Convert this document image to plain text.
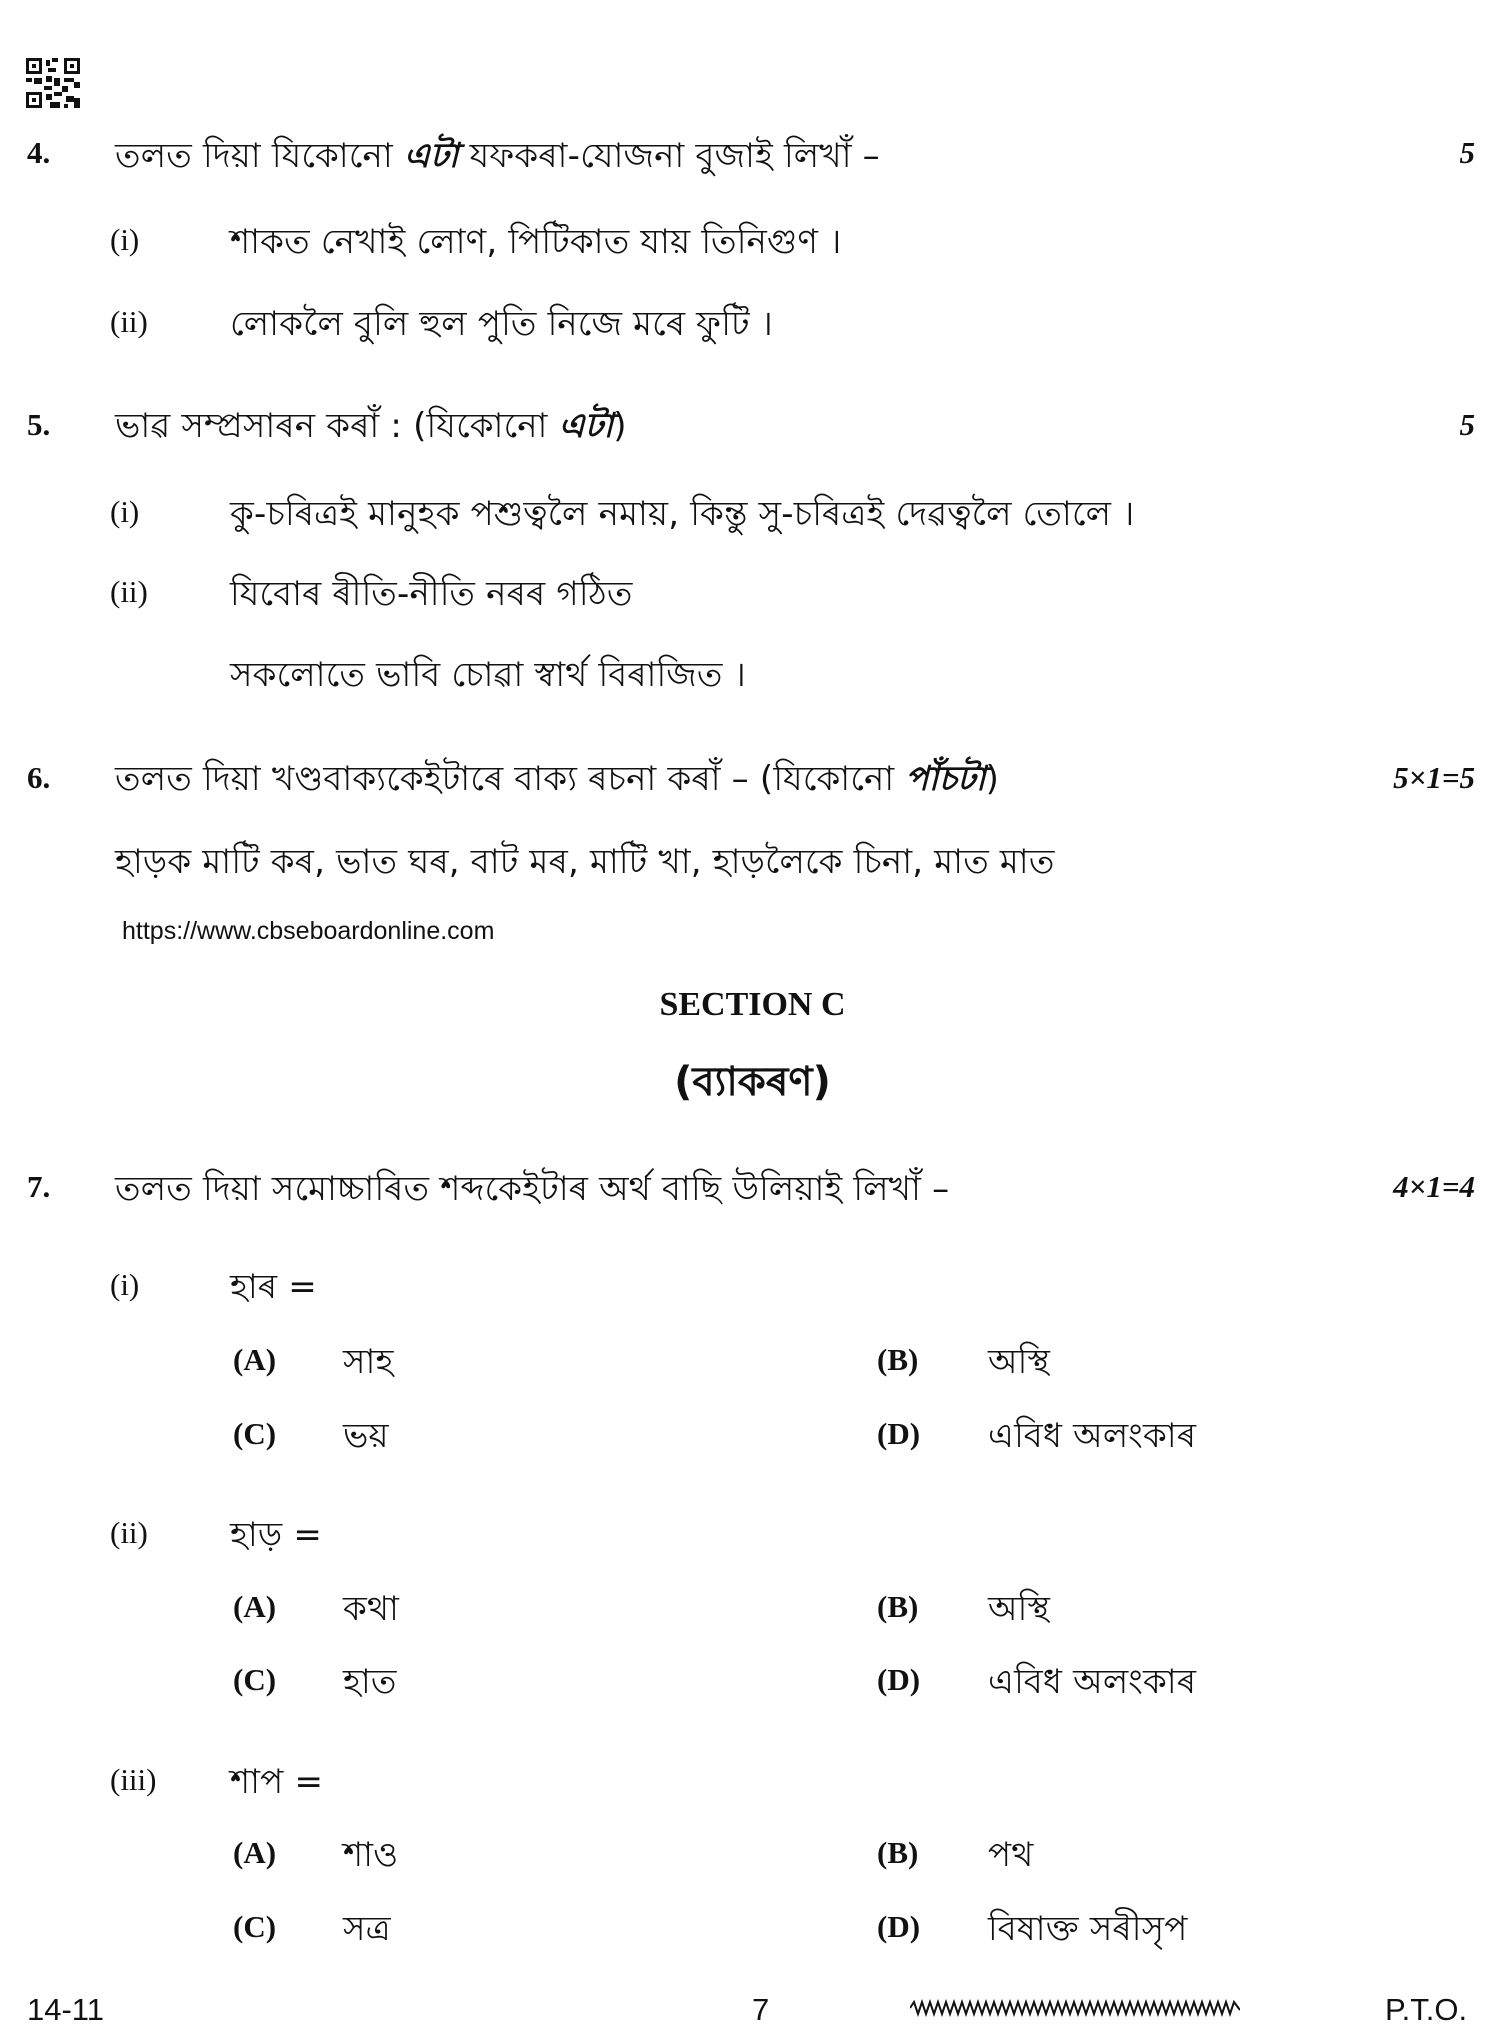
4. তলত দিয়া যিকোনো এটা যফকৰা-যোজনা বুজাই লিখাঁ –	5
(i)	শাকত নেখাই লোণ, পিটিকাত যায় তিনিগুণ ।
(ii) লোকলৈ বুলি হুল পুতি নিজে মৰে ফুটি ।
5. ভাৱ সম্প্ৰসাৰন কৰাঁ : (যিকোনো এটা)	5
(i)	কু-চৰিত্ৰই মানুহক পশুত্বলৈ নমায়, কিন্তু সু-চৰিত্ৰই দেৱত্বলৈ তোলে ।
(ii) যিবোৰ ৰীতি-নীতি নৰৰ গঠিত
সকলোতে ভাবি চোৱা স্বাৰ্থ বিৰাজিত ।
6. তলত দিয়া খণ্ডবাক্যকেইটাৰে বাক্য ৰচনা কৰাঁ – (যিকোনো পাঁচটা)	5×1=5
হাড়ক মাটি কৰ, ভাত ঘৰ, বাট মৰ, মাটি খা, হাড়লৈকে চিনা, মাত মাত
https://www.cbseboardonline.com
SECTION C
(ব্যাকৰণ)
7. তলত দিয়া সমোচ্চাৰিত শব্দকেইটাৰ অৰ্থ বাছি উলিয়াই লিখাঁ –	4×1=4
(i)	হাৰ =
(A) সাহ	(B) অস্থি
(C) ভয়	(D) এবিধ অলংকাৰ
(ii) হাড় =
(A) কথা	(B) অস্থি
(C) হাত	(D) এবিধ অলংকাৰ
(iii) শাপ =
(A) শাও	(B) পথ
(C) সত্ৰ	(D) বিষাক্ত সৰীসৃপ
14-11	7	P.T.O.
